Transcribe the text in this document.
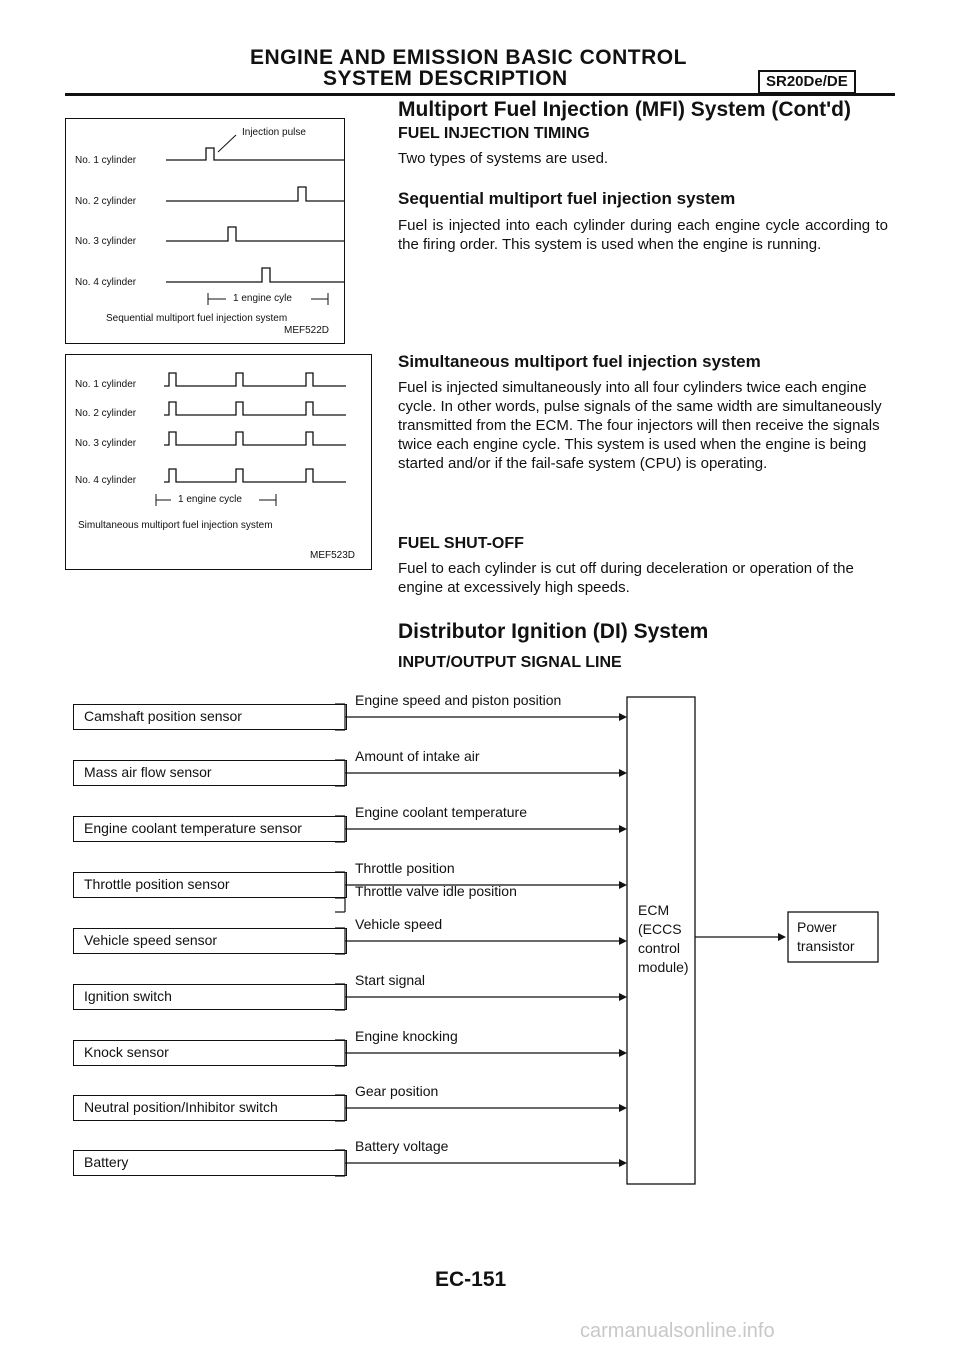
ENGINE AND EMISSION BASIC CONTROL
SYSTEM DESCRIPTION	SR20De/DE
Multiport Fuel Injection (MFI) System (Cont'd)
FUEL INJECTION TIMING
Two types of systems are used.
Sequential multiport fuel injection system
Fuel is injected into each cylinder during each engine cycle according to the firing order. This system is used when the engine is running.
Simultaneous multiport fuel injection system
Fuel is injected simultaneously into all four cylinders twice each engine cycle. In other words, pulse signals of the same width are simultaneously transmitted from the ECM. The four injectors will then receive the signals twice each engine cycle. This system is used when the engine is being started and/or if the fail-safe system (CPU) is operating.
FUEL SHUT-OFF
Fuel to each cylinder is cut off during deceleration or operation of the engine at excessively high speeds.
Injection pulse
No. 1 cylinder
No. 2 cylinder
No. 3 cylinder
No. 4 cylinder
1 engine cyle
Sequential multiport fuel injection system
MEF522D
No. 1 cylinder
No. 2 cylinder
No. 3 cylinder
No. 4 cylinder
1 engine cycle
Simultaneous multiport fuel injection system
MEF523D
Distributor Ignition (DI) System
INPUT/OUTPUT SIGNAL LINE
ECM
(ECCS
control
module)
Power
transistor
Camshaft position sensor
Engine speed and piston position
Mass air flow sensor
Amount of intake air
Engine coolant temperature sensor
Engine coolant temperature
Throttle position sensor
Throttle position
Throttle valve idle position
Vehicle speed sensor
Vehicle speed
Ignition switch
Start signal
Knock sensor
Engine knocking
Neutral position/Inhibitor switch
Gear position
Battery
Battery voltage
EC-151
carmanualsonline.info
